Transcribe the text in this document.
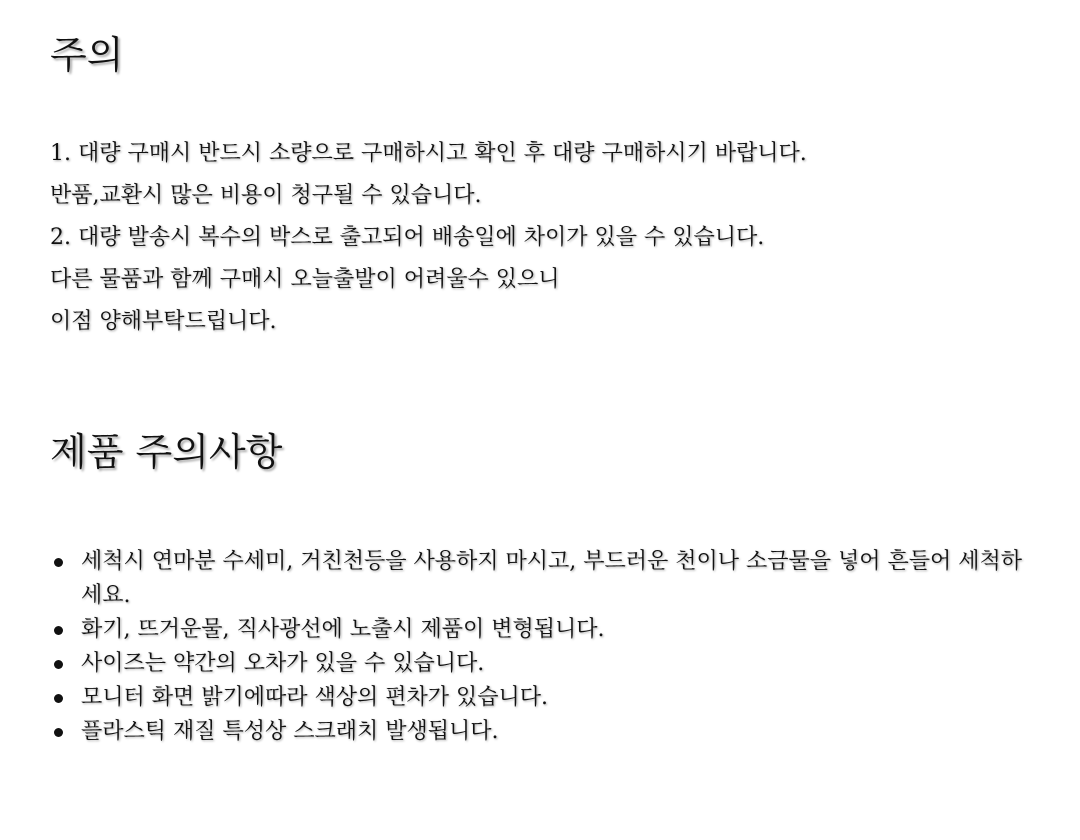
주의
1. 대량 구매시 반드시 소량으로 구매하시고 확인 후 대량 구매하시기 바랍니다.
반품,교환시 많은 비용이 청구될 수 있습니다.
2. 대량 발송시 복수의 박스로 출고되어 배송일에 차이가 있을 수 있습니다.
다른 물품과 함께 구매시 오늘출발이 어려울수 있으니
이점 양해부탁드립니다.
제품 주의사항
세척시 연마분 수세미, 거친천등을 사용하지 마시고, 부드러운 천이나 소금물을 넣어 흔들어 세척하세요.
화기, 뜨거운물, 직사광선에 노출시 제품이 변형됩니다.
사이즈는 약간의 오차가 있을 수 있습니다.
모니터 화면 밝기에따라 색상의 편차가 있습니다.
플라스틱 재질 특성상 스크래치 발생됩니다.
